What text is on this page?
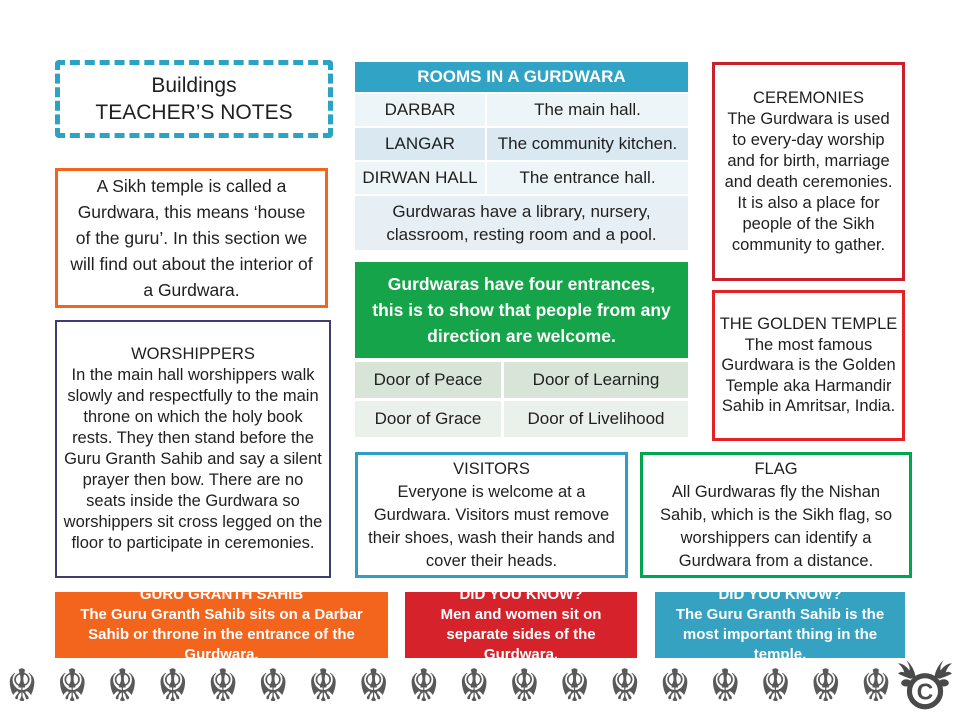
Buildings
TEACHER’S NOTES
A Sikh temple is called a Gurdwara, this means ‘house of the guru’. In this section we will find out about the interior of a Gurdwara.
WORSHIPPERS
In the main hall worshippers walk slowly and respectfully to the main throne on which the holy book rests. They then stand before the Guru Granth Sahib and say a silent prayer then bow. There are no seats inside the Gurdwara so worshippers sit cross legged on the floor to participate in ceremonies.
ROOMS IN A GURDWARA
DARBAR	The main hall.
LANGAR	The community kitchen.
DIRWAN HALL	The entrance hall.
Gurdwaras have a library, nursery, classroom, resting room and a pool.
Gurdwaras have four entrances, this is to show that people from any direction are welcome.
Door of Peace	Door of Learning
Door of Grace	Door of Livelihood
VISITORS
Everyone is welcome at a Gurdwara. Visitors must remove their shoes, wash their hands and cover their heads.
CEREMONIES
The Gurdwara is used to every-day worship and for birth, marriage and death ceremonies. It is also a place for people of the Sikh community to gather.
THE GOLDEN TEMPLE
The most famous Gurdwara is the Golden Temple aka Harmandir Sahib in Amritsar, India.
FLAG
All Gurdwaras fly the Nishan Sahib, which is the Sikh flag, so worshippers can identify a Gurdwara from a distance.
GURU GRANTH SAHIB
The Guru Granth Sahib sits on a Darbar Sahib or throne in the entrance of the Gurdwara.
DID YOU KNOW?
Men and women sit on separate sides of the Gurdwara.
DID YOU KNOW?
The Guru Granth Sahib is the most important thing in the temple.
☬ ☬ ☬ ☬ ☬ ☬ ☬ ☬ ☬ ☬ ☬ ☬ ☬ ☬ ☬ ☬ ☬ ☬ C
